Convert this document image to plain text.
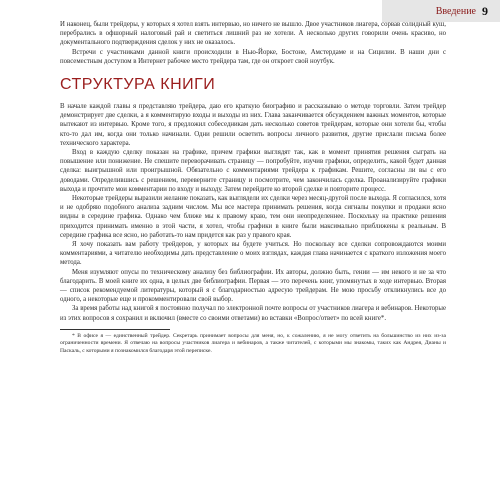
Введение 9

И наконец, были трейдеры, у которых я хотел взять интервью, но ничего не вышло. Двое участников лиагера, сорвав солидный куш, перебрались в офшорный налоговый рай и светиться лишний раз не хотели. А несколько других говорили очень красиво, но документального подтверждения сделок у них не оказалось.

Встречи с участниками данной книги происходили в Нью-Йорке, Бостоне, Амстердаме и на Сицилии. В наши дни с повсеместным доступом в Интернет рабочее место трейдера там, где он откроет свой ноутбук.

СТРУКТУРА КНИГИ

В начале каждой главы я представляю трейдера, даю его краткую биографию и рассказываю о методе торговли. Затем трейдер демонстрирует две сделки, а я комментирую входы и выходы из них. Глава заканчивается обсуждением важных моментов, которые вытекают из интервью. Кроме того, я предложил собеседникам дать несколько советов трейдерам, которые они хотели бы, чтобы кто-то дал им, когда они только начинали. Одни решили осветить вопросы личного развития, другие прислали письма более технического характера.

Вход в каждую сделку показан на графике, причем графики выглядят так, как в момент принятия решения сыграть на повышение или понижение. Не спешите переворачивать страницу — попробуйте, изучив графики, определить, какой будет данная сделка: выигрышной или проигрышной. Обязательно с комментариями трейдера к графикам. Решите, согласны ли вы с его доводами. Определившись с решением, переверните страницу и посмотрите, чем закончилась сделка. Проанализируйте графики выхода и прочтите мои комментарии по входу и выходу. Затем перейдите ко второй сделке и повторите процесс.

Некоторые трейдеры выразили желание показать, как выглядели их сделки через месяц-другой после выхода. Я согласился, хотя и не одобряю подобного анализа задним числом. Мы все мастера принимать решения, когда сигналы покупки и продажи ясно видны в середине графика. Однако чем ближе мы к правому краю, тем они неопределеннее. Поскольку на практике решения приходится принимать именно в этой части, я хотел, чтобы графики в книге были максимально приближены к реальным. В середине графика все ясно, но работать-то нам придется как раз у правого края.

Я хочу показать вам работу трейдеров, у которых вы будете учиться. Но поскольку все сделки сопровождаются моими комментариями, а читателю необходимы дать представление о моих взглядах, каждая глава начинается с краткого изложения моего метода.

Меня изумляют опусы по техническому анализу без библиографии. Их авторы, должно быть, гении — им некого и не за что благодарить. В моей книге их одна, в целых две библиографии. Первая — это перечень книг, упомянутых в ходе интервью. Вторая — список рекомендуемой литературы, который я с благодарностью адресую трейдерам. Не мою просьбу откликнулись все до одного, а некоторые еще и прокомментировали свой выбор.

За время работы над книгой я постоянно получал по электронной почте вопросы от участников лиагера и вебинаров. Некоторые из этих вопросов я сохранил и включил (вместе со своими ответами) во вставки «Вопрос/ответ» по всей книге*.

* В офисе я — единственный трейдер. Секретарь принимает вопросы для меня, но, к сожалению, я не могу ответить на большинство из них из-за ограниченности времени. Я отвечаю на вопросы участников лиагера и вебинаров, а также читателей, с которыми мы знакомы, таких как Андрея, Дианы и Паскаль, с которыми я познакомился благодаря этой переписке.
